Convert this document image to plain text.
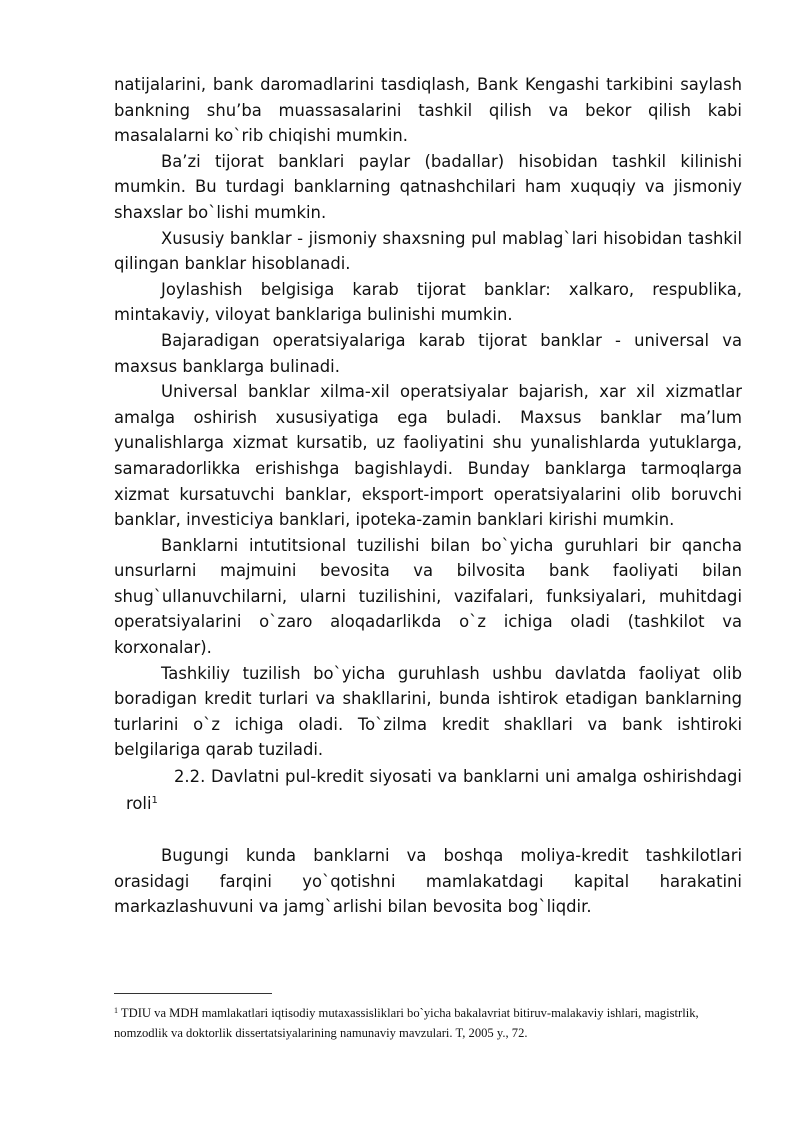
natijalarini, bank daromadlarini tasdiqlash, Bank Kengashi tarkibini saylash bankning shu’ba muassasalarini tashkil qilish va bekor qilish kabi masalalarni ko`rib chiqishi mumkin.

Ba’zi tijorat banklari paylar (badallar) hisobidan tashkil kilinishi mumkin. Bu turdagi banklarning qatnashchilari ham xuquqiy va jismoniy shaxslar bo`lishi mumkin.

Xususiy banklar - jismoniy shaxsning pul mablag`lari hisobidan tashkil qilingan banklar hisoblanadi.

Joylashish belgisiga karab tijorat banklar: xalkaro, respublika, mintakaviy, viloyat banklariga bulinishi mumkin.

Bajaradigan operatsiyalariga karab tijorat banklar - universal va maxsus banklarga bulinadi.

Universal banklar xilma-xil operatsiyalar bajarish, xar xil xizmatlar amalga oshirish xususiyatiga ega buladi. Maxsus banklar ma’lum yunalishlarga xizmat kursatib, uz faoliyatini shu yunalishlarda yutuklarga, samaradorlikka erishishga bagishlaydi. Bunday banklarga tarmoqlarga xizmat kursatuvchi banklar, eksport-import operatsiyalarini olib boruvchi banklar, investiciya banklari, ipoteka-zamin banklari kirishi mumkin.

Banklarni intutitsional tuzilishi bilan bo`yicha guruhlari bir qancha unsurlarni majmuini bevosita va bilvosita bank faoliyati bilan shug`ullanuvchilarni, ularni tuzilishini, vazifalari, funksiyalari, muhitdagi operatsiyalarini o`zaro aloqadarlikda o`z ichiga oladi (tashkilot va korxonalar).

Tashkiliy tuzilish bo`yicha guruhlash ushbu davlatda faoliyat olib boradigan kredit turlari va shakllarini, bunda ishtirok etadigan banklarning turlarini o`z ichiga oladi. To`zilma kredit shakllari va bank ishtiroki belgilariga qarab tuziladi.

2.2. Davlatni pul-kredit siyosati va banklarni uni amalga oshirishdagi roli$^1$

Bugungi kunda banklarni va boshqa moliya-kredit tashkilotlari orasidagi farqini yo`qotishni mamlakatdagi kapital harakatini markazlashuvuni va jamg`arlishi bilan bevosita bog`liqdir.

$^1$ TDIU va MDH mamlakatlari iqtisodiy mutaxassisliklari bo`yicha bakalavriat bitiruv-malakaviy ishlari, magistrlik, nomzodlik va doktorlik dissertatsiyalarining namunaviy mavzulari. T, 2005 y., 72.
